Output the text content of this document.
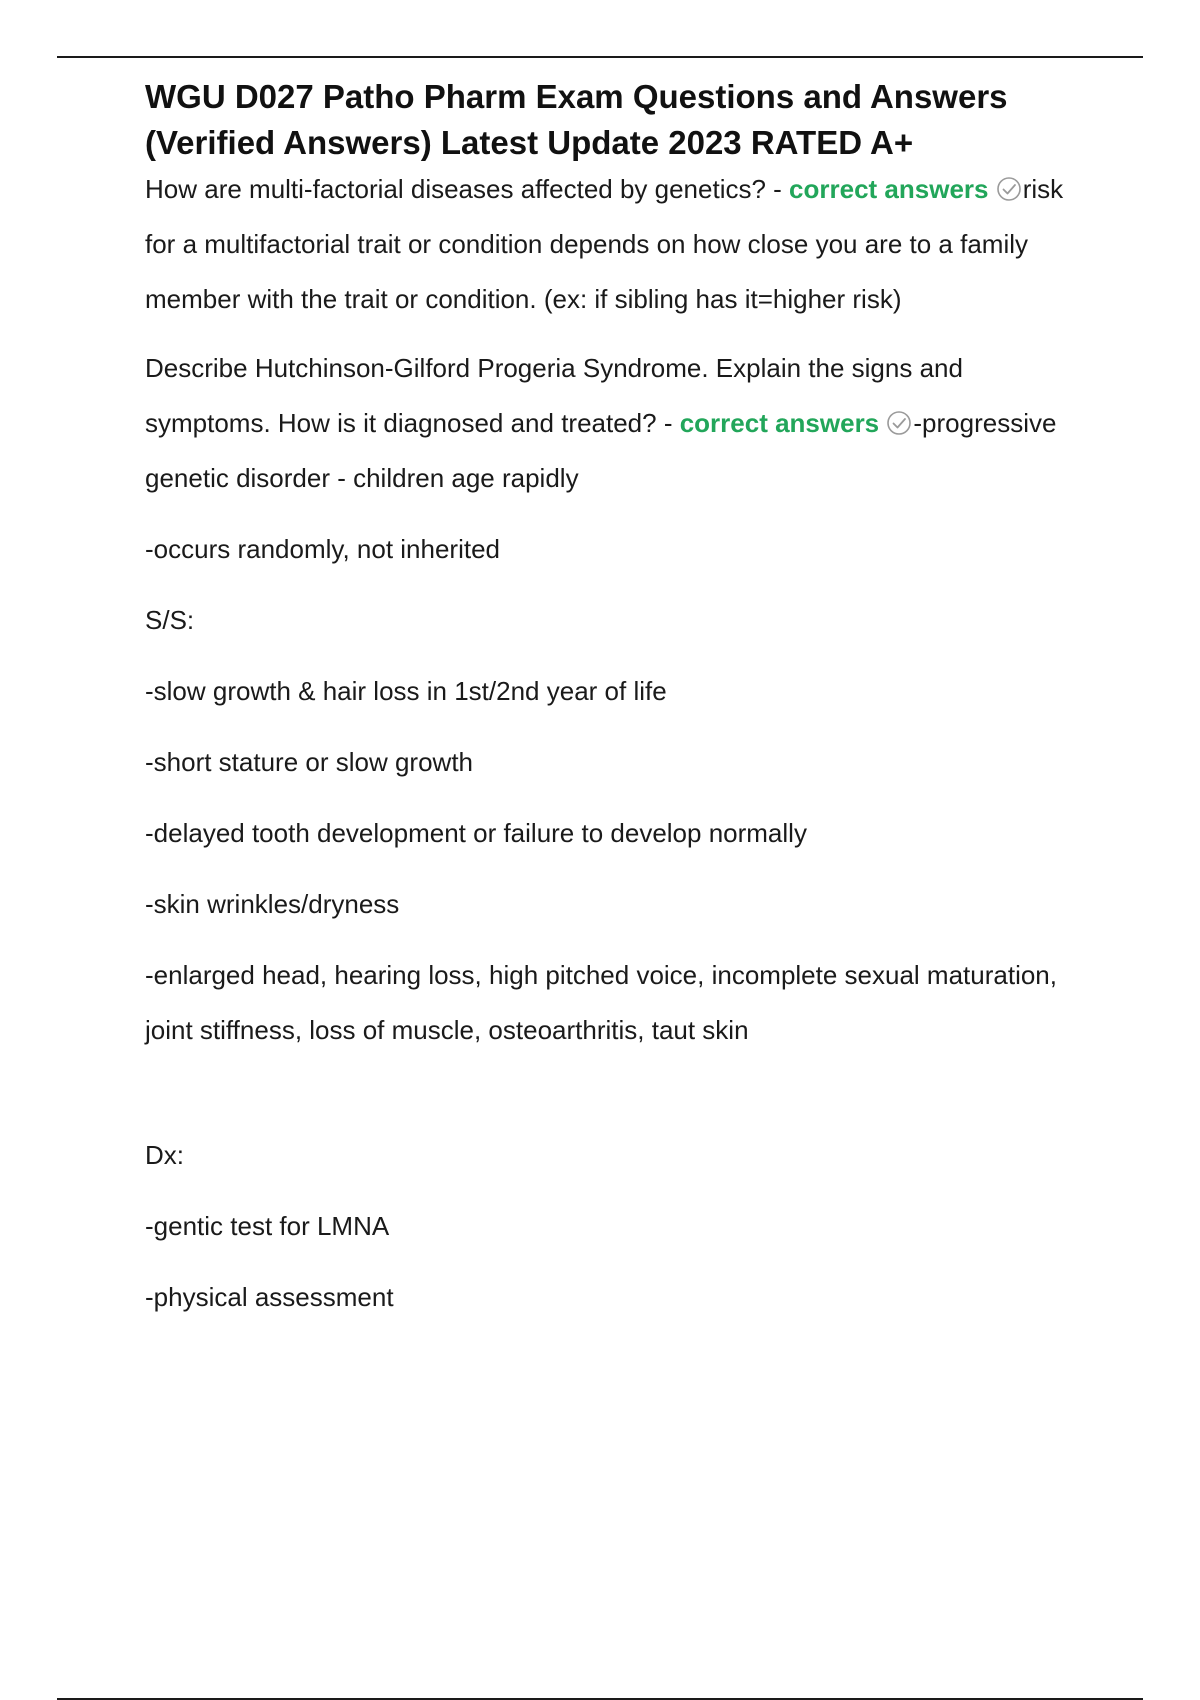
WGU D027 Patho Pharm Exam Questions and Answers (Verified Answers) Latest Update 2023 RATED A+

How are multi-factorial diseases affected by genetics? - correct answers risk for a multifactorial trait or condition depends on how close you are to a family member with the trait or condition. (ex: if sibling has it=higher risk)

Describe Hutchinson-Gilford Progeria Syndrome. Explain the signs and symptoms. How is it diagnosed and treated? - correct answers -progressive genetic disorder - children age rapidly

-occurs randomly, not inherited

S/S:

-slow growth & hair loss in 1st/2nd year of life

-short stature or slow growth

-delayed tooth development or failure to develop normally

-skin wrinkles/dryness

-enlarged head, hearing loss, high pitched voice, incomplete sexual maturation, joint stiffness, loss of muscle, osteoarthritis, taut skin

Dx:

-gentic test for LMNA

-physical assessment
